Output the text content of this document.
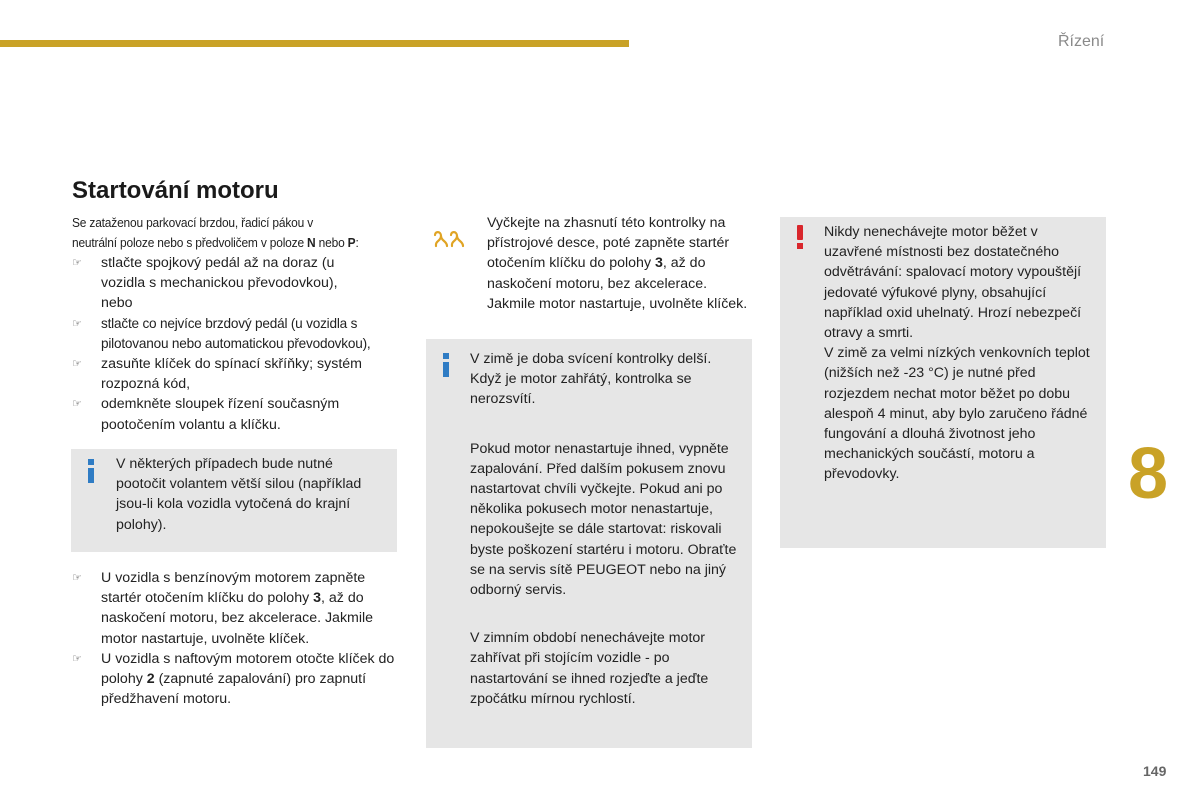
Řízení
8
149
Startování motoru
Se zataženou parkovací brzdou, řadicí pákou v
neutrální poloze nebo s předvoličem v poloze N nebo P:
☞	stlačte spojkový pedál až na doraz (u
vozidla s mechanickou převodovkou),
nebo
☞	stlačte co nejvíce brzdový pedál (u vozidla s
pilotovanou nebo automatickou převodovkou),
☞	zasuňte klíček do spínací skříňky; systém
rozpozná kód,
☞	odemkněte sloupek řízení současným
pootočením volantu a klíčku.
V některých případech bude nutné pootočit volantem větší silou (například jsou-li kola vozidla vytočená do krajní polohy).
☞	U vozidla s benzínovým motorem zapněte startér otočením klíčku do polohy 3, až do naskočení motoru, bez akcelerace. Jakmile motor nastartuje, uvolněte klíček.
☞	U vozidla s naftovým motorem otočte klíček do polohy 2 (zapnuté zapalování) pro zapnutí předžhavení motoru.
Vyčkejte na zhasnutí této kontrolky na přístrojové desce, poté zapněte startér otočením klíčku do polohy 3, až do naskočení motoru, bez akcelerace. Jakmile motor nastartuje, uvolněte klíček.

V zimě je doba svícení kontrolky delší. Když je motor zahřátý, kontrolka se nerozsvítí.

Pokud motor nenastartuje ihned, vypněte zapalování. Před dalším pokusem znovu nastartovat chvíli vyčkejte. Pokud ani po několika pokusech motor nenastartuje, nepokoušejte se dále startovat: riskovali byste poškození startéru i motoru. Obraťte se na servis sítě PEUGEOT nebo na jiný odborný servis.

V zimním období nenechávejte motor zahřívat při stojícím vozidle - po nastartování se ihned rozjeďte a jeďte zpočátku mírnou rychlostí.

Nikdy nenechávejte motor běžet v uzavřené místnosti bez dostatečného odvětrávání: spalovací motory vypouštějí jedovaté výfukové plyny, obsahující například oxid uhelnatý. Hrozí nebezpečí otravy a smrti.

V zimě za velmi nízkých venkovních teplot (nižších než -23 °C) je nutné před rozjezdem nechat motor běžet po dobu alespoň 4 minut, aby bylo zaručeno řádné fungování a dlouhá životnost jeho mechanických součástí, motoru a převodovky.
